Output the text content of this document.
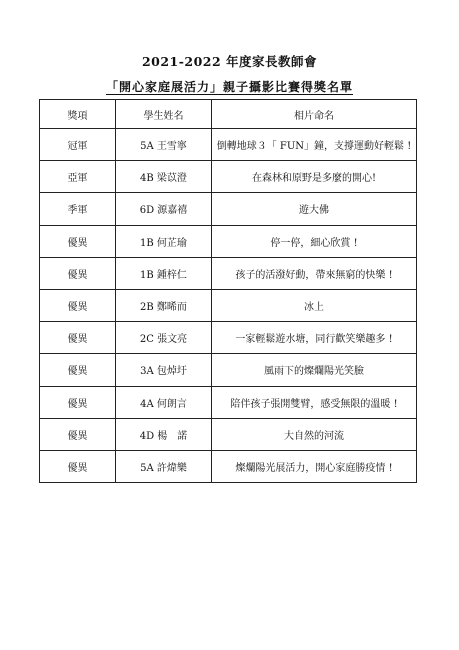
2021-2022 年度家長教師會
「開心家庭展活力」親子攝影比賽得獎名單
獎項	學生姓名	相片命名
冠軍	5A 王雪寧	倒轉地球３「 FUN」鐘，支撐運動好輕鬆 !
亞軍	4B 梁苡澄	在森林和原野是多麼的開心!
季軍	6D 源嘉禧	遊大佛
優異	1B 何芷瑜	停一停，細心欣賞 !
優異	1B 鍾梓仁	孩子的活潑好動，帶來無窮的快樂 !
優異	2B 鄭晞而	冰上
優異	2C 張文亮	一家輕鬆遊水塘，同行歡笑樂趣多 !
優異	3A 包焯圩	風雨下的燦爛陽光笑臉
優異	4A 何朗言	陪伴孩子張開雙臂，感受無限的溫暖 !
優異	4D 楊　諾	大自然的河流
優異	5A 許煒樂	燦爛陽光展活力，開心家庭勝疫情 !
